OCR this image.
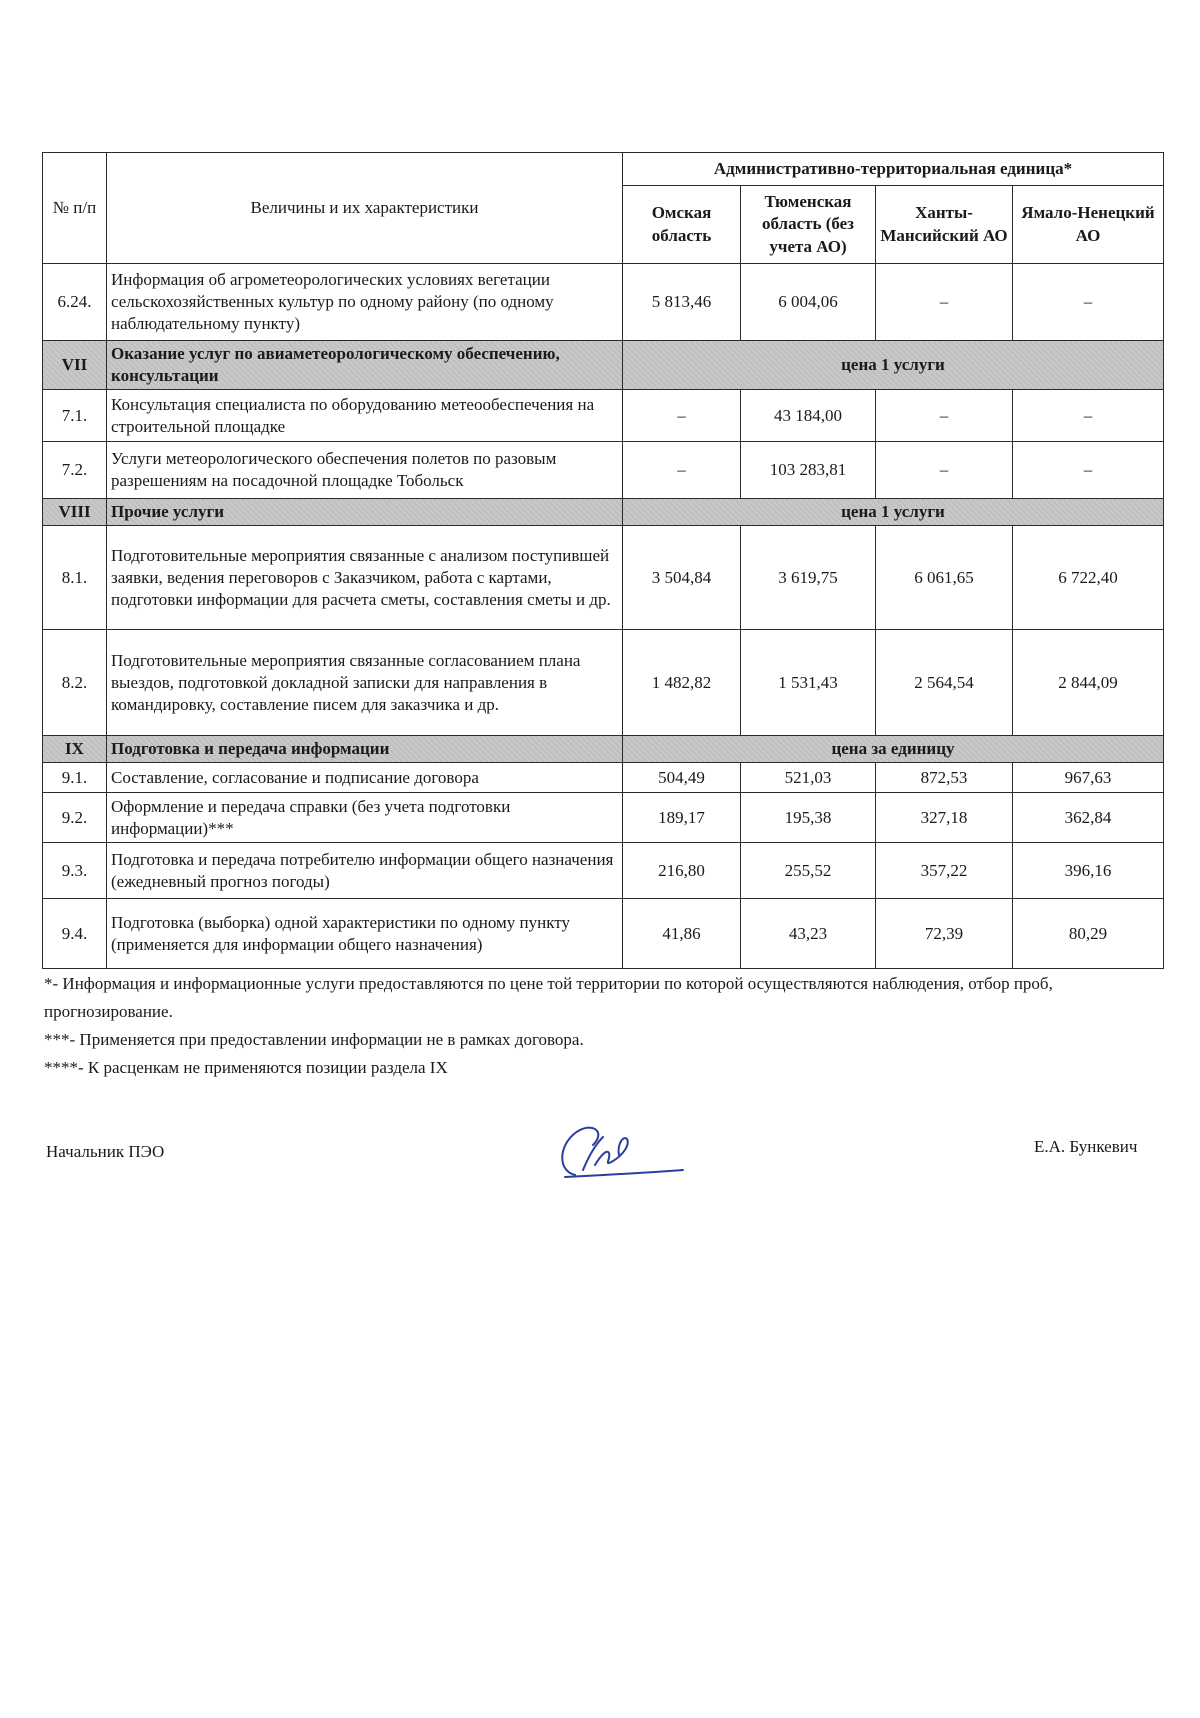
№ п/п	Величины и их характеристики	Административно-территориальная единица*			
		Омская область	Тюменская область (без учета АО)	Ханты-Мансийский АО	Ямало-Ненецкий АО
6.24.	Информация об агрометеорологических условиях вегетации сельскохозяйственных культур по одному району (по одному наблюдательному пункту)	5 813,46	6 004,06	–	–
VII	Оказание услуг по авиаметеорологическому обеспечению, консультации	цена 1 услуги			
7.1.	Консультация специалиста по оборудованию метеообеспечения на строительной площадке	–	43 184,00	–	–
7.2.	Услуги метеорологического обеспечения полетов по разовым разрешениям на посадочной площадке Тобольск	–	103 283,81	–	–
VIII	Прочие услуги	цена 1 услуги			
8.1.	Подготовительные мероприятия связанные с анализом поступившей заявки, ведения переговоров с Заказчиком, работа с картами, подготовки информации для расчета сметы, составления сметы и др.	3 504,84	3 619,75	6 061,65	6 722,40
8.2.	Подготовительные мероприятия связанные согласованием плана выездов, подготовкой докладной записки для направления в командировку, составление писем для заказчика и др.	1 482,82	1 531,43	2 564,54	2 844,09
IX	Подготовка и передача информации	цена за единицу			
9.1.	Составление, согласование и подписание договора	504,49	521,03	872,53	967,63
9.2.	Оформление и передача справки (без учета подготовки информации)***	189,17	195,38	327,18	362,84
9.3.	Подготовка и передача потребителю информации общего назначения (ежедневный прогноз погоды)	216,80	255,52	357,22	396,16
9.4.	Подготовка (выборка) одной характеристики по одному пункту (применяется для информации общего назначения)	41,86	43,23	72,39	80,29

*- Информация и информационные услуги предоставляются по цене той территории по которой осуществляются наблюдения, отбор проб, прогнозирование.

***- Применяется при предоставлении информации не в рамках договора.

****- К расценкам не применяются позиции раздела IX

Начальник ПЭО	Е.А. Бункевич
